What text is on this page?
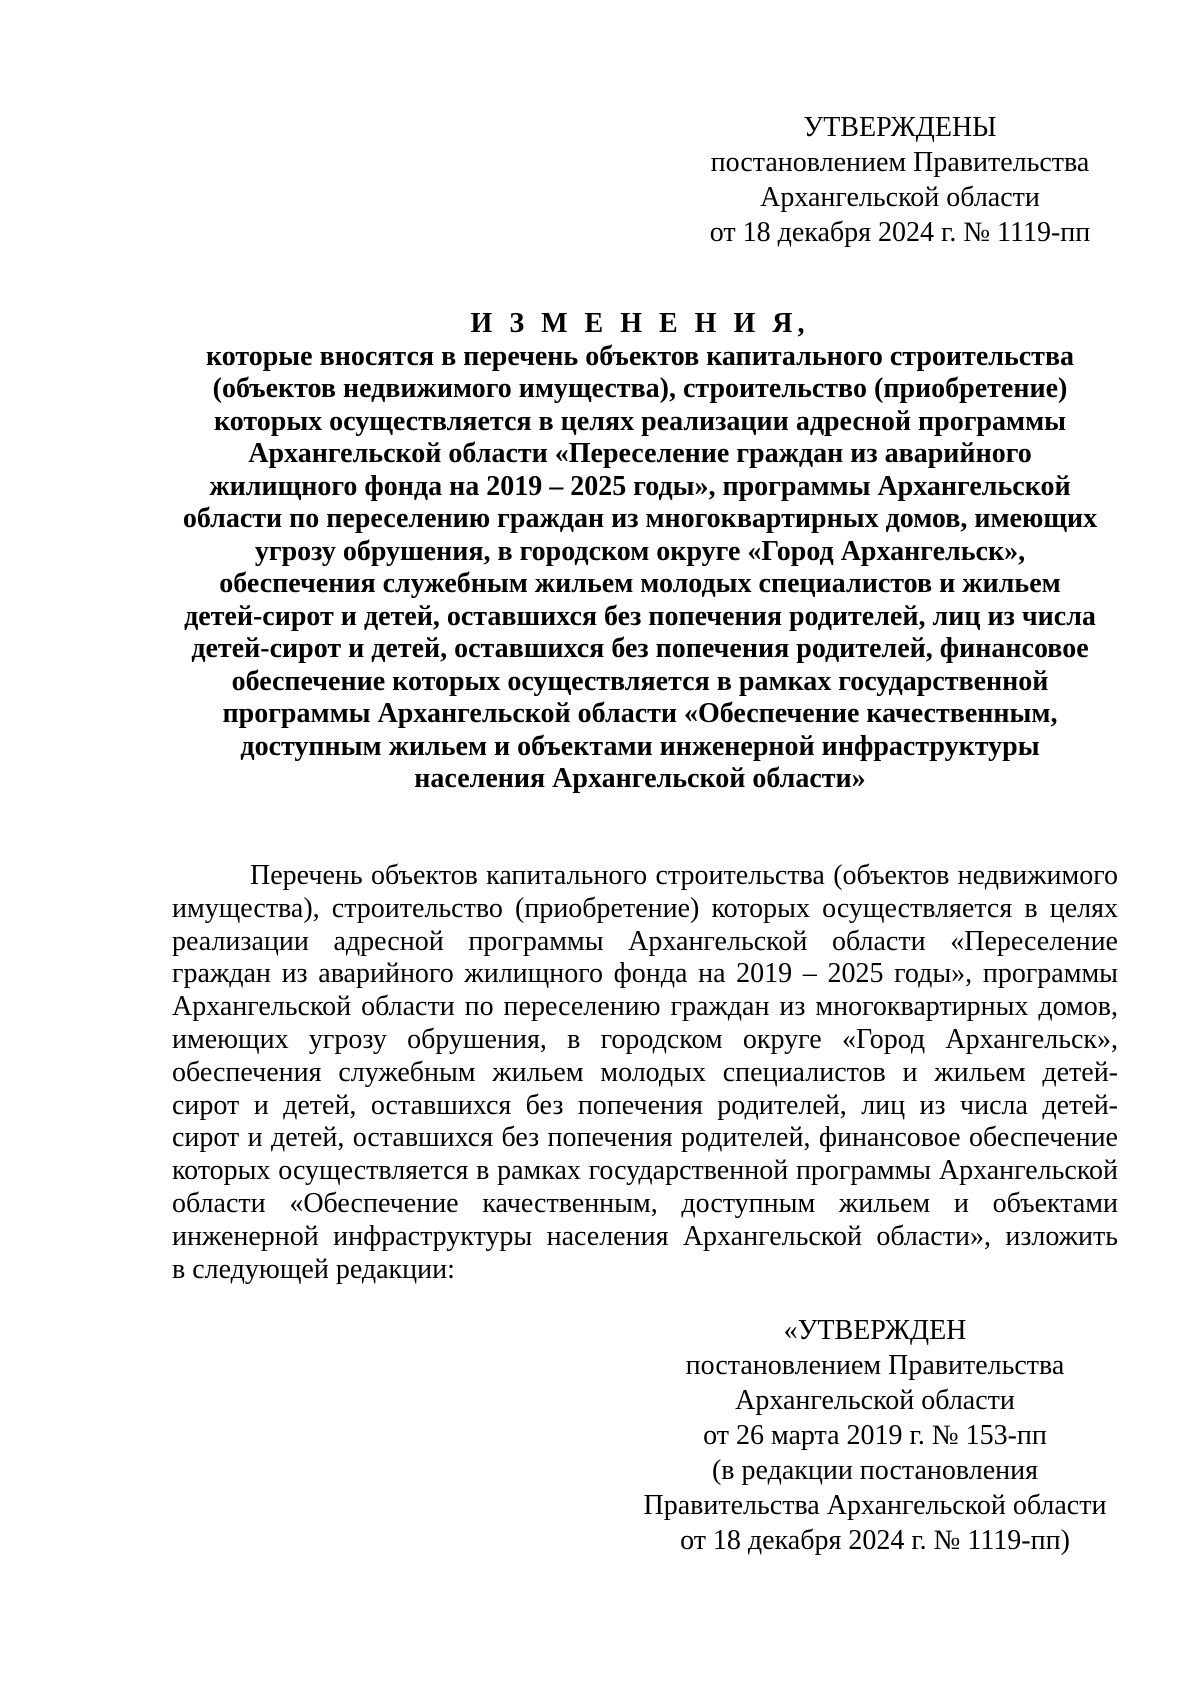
УТВЕРЖДЕНЫ
постановлением Правительства
Архангельской области
от 18 декабря 2024 г. № 1119-пп
И З М Е Н Е Н И Я,
которые вносятся в перечень объектов капитального строительства
(объектов недвижимого имущества), строительство (приобретение)
которых осуществляется в целях реализации адресной программы
Архангельской области «Переселение граждан из аварийного
жилищного фонда на 2019 – 2025 годы», программы Архангельской
области по переселению граждан из многоквартирных домов, имеющих
угрозу обрушения, в городском округе «Город Архангельск»,
обеспечения служебным жильем молодых специалистов и жильем
детей-сирот и детей, оставшихся без попечения родителей, лиц из числа
детей-сирот и детей, оставшихся без попечения родителей, финансовое
обеспечение которых осуществляется в рамках государственной
программы Архангельской области «Обеспечение качественным,
доступным жильем и объектами инженерной инфраструктуры
населения Архангельской области»
Перечень объектов капитального строительства (объектов недвижимого
имущества), строительство (приобретение) которых осуществляется в целях
реализации адресной программы Архангельской области «Переселение
граждан из аварийного жилищного фонда на 2019 – 2025 годы», программы
Архангельской области по переселению граждан из многоквартирных домов,
имеющих угрозу обрушения, в городском округе «Город Архангельск»,
обеспечения служебным жильем молодых специалистов и жильем детей-
сирот и детей, оставшихся без попечения родителей, лиц из числа детей-
сирот и детей, оставшихся без попечения родителей, финансовое обеспечение
которых осуществляется в рамках государственной программы Архангельской
области «Обеспечение качественным, доступным жильем и объектами
инженерной инфраструктуры населения Архангельской области», изложить
в следующей редакции:
«УТВЕРЖДЕН
постановлением Правительства
Архангельской области
от 26 марта 2019 г. № 153-пп
(в редакции постановления
Правительства Архангельской области
от 18 декабря 2024 г. № 1119-пп)
